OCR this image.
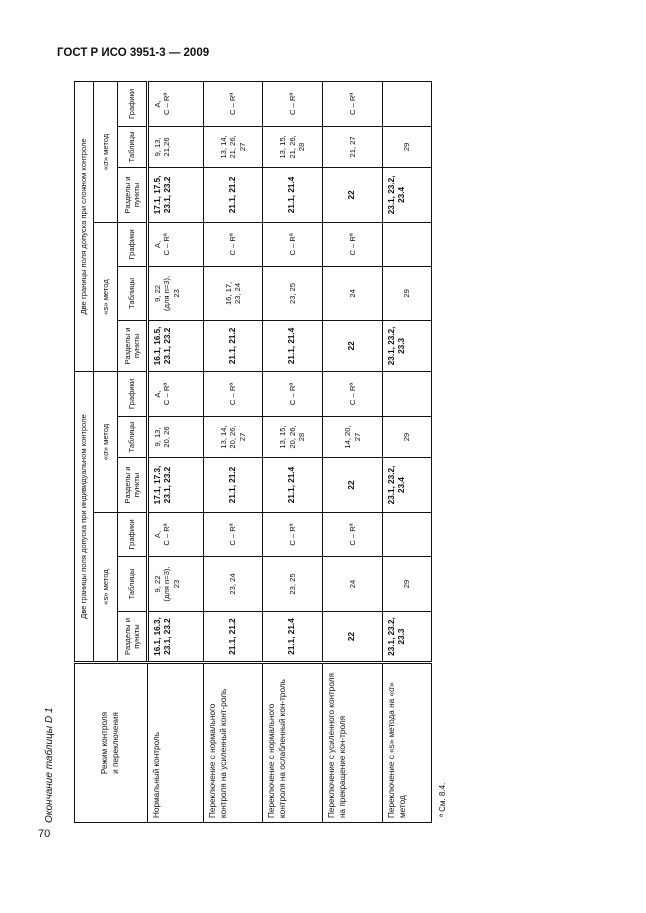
ГОСТ Р ИСО 3951-3 — 2009
70
Окончание таблицы D 1	Режим контроля
и переключения	Две границы поля допуска при индивидуальном контроле						Две границы поля допуска при сложном контроле					
	«s» метод			«σ» метод			«s» метод			«σ» метод		
	Разделы и
пункты	Таблицы	Графики	Разделы и
пункты	Таблицы	Графики	Разделы и
пункты	Таблицы	Графики	Разделы и
пункты	Таблицы	Графики
Нормальный контроль	16.1, 16.3,
23.1, 23.2	9, 22
(для n=3),
23	A,
C – Rª	17.1, 17.3,
23.1, 23.2	9, 13,
20, 26	A,
C – Rª	16.1, 16.5,
23.1, 23.2	9, 22
(для n=3),
23	A,
C – Rª	17.1, 17.5,
23.1, 23.2	9, 13,
21,26	A,
C – Rª
Переключение с нормального контроля на усиленный конт-роль	21.1, 21.2	23, 24	C – Rª	21.1, 21.2	13, 14,
20, 26,
27	C – Rª	21.1, 21.2	16, 17,
23, 24	C – Rª	21.1, 21.2	13, 14,
21, 26,
27	C – Rª
Переключение с нормального контроля на ослабленный кон-троль	21.1, 21.4	23, 25	C – Rª	21.1, 21.4	13, 15,
20, 26,
28	C – Rª	21.1, 21.4	23, 25	C – Rª	21.1, 21.4	13, 15,
21, 26,
28	C – Rª
Переключение с усиленного контроля на прекращение кон-троля	22	24	C – Rª	22	14, 20,
27	C – Rª	22	24	C – Rª	22	21, 27	C – Rª
Переключение с «s» метода на «σ» метод	23.1, 23.2,
23.3	29		23.1, 23.2,
23.4	29		23.1, 23.2,
23.3	29		23.1, 23.2,
23.4	29	
ª См. 8.4.
